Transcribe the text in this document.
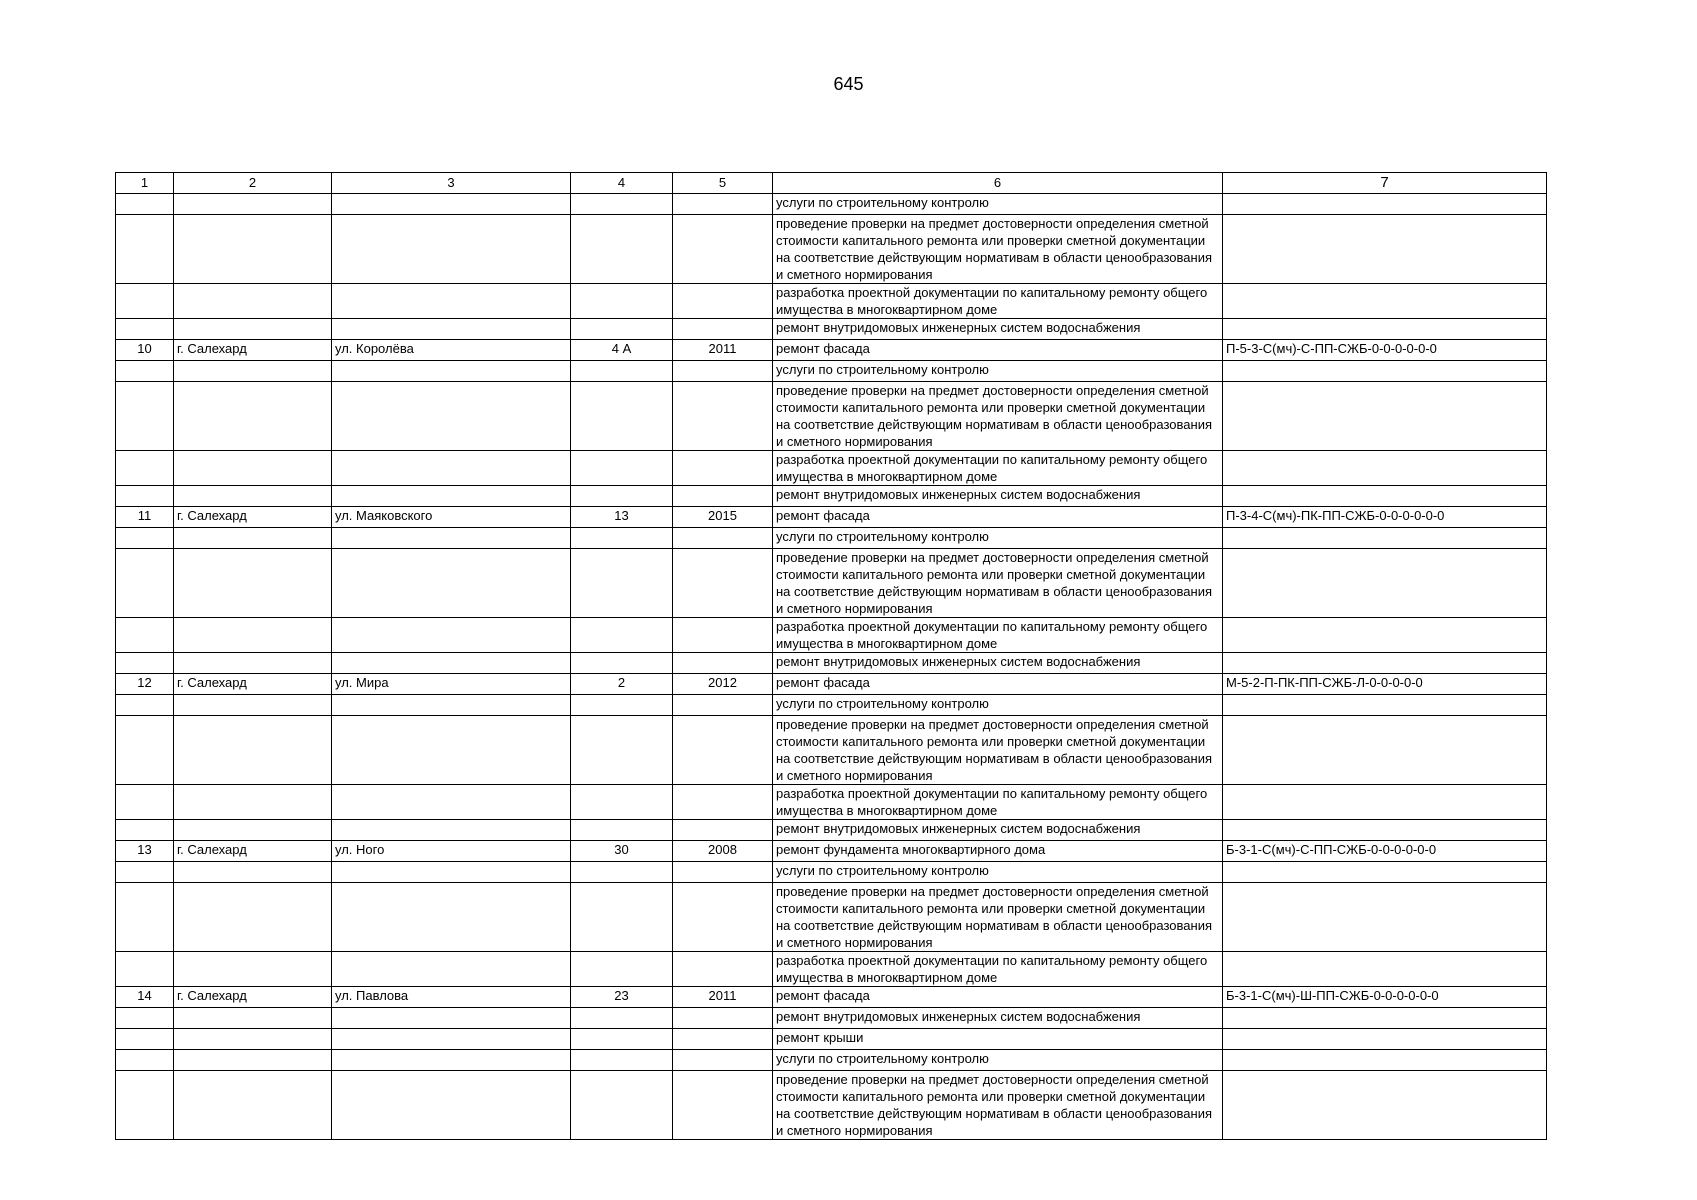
645
1	2	3	4	5	6	7
					услуги по строительному контролю	
					проведение проверки на предмет достоверности определения сметной стоимости капитального ремонта или проверки сметной документации на соответствие действующим нормативам в области ценообразования и сметного нормирования	
					разработка проектной документации по капитальному ремонту общего имущества в многоквартирном доме	
					ремонт внутридомовых инженерных систем водоснабжения	
10	г. Салехард	ул. Королёва	4 А	2011	ремонт фасада	П-5-3-С(мч)-С-ПП-СЖБ-0-0-0-0-0-0
					услуги по строительному контролю	
					проведение проверки на предмет достоверности определения сметной стоимости капитального ремонта или проверки сметной документации на соответствие действующим нормативам в области ценообразования и сметного нормирования	
					разработка проектной документации по капитальному ремонту общего имущества в многоквартирном доме	
					ремонт внутридомовых инженерных систем водоснабжения	
11	г. Салехард	ул. Маяковского	13	2015	ремонт фасада	П-3-4-С(мч)-ПК-ПП-СЖБ-0-0-0-0-0-0
					услуги по строительному контролю	
					проведение проверки на предмет достоверности определения сметной стоимости капитального ремонта или проверки сметной документации на соответствие действующим нормативам в области ценообразования и сметного нормирования	
					разработка проектной документации по капитальному ремонту общего имущества в многоквартирном доме	
					ремонт внутридомовых инженерных систем водоснабжения	
12	г. Салехард	ул. Мира	2	2012	ремонт фасада	М-5-2-П-ПК-ПП-СЖБ-Л-0-0-0-0-0
					услуги по строительному контролю	
					проведение проверки на предмет достоверности определения сметной стоимости капитального ремонта или проверки сметной документации на соответствие действующим нормативам в области ценообразования и сметного нормирования	
					разработка проектной документации по капитальному ремонту общего имущества в многоквартирном доме	
					ремонт внутридомовых инженерных систем водоснабжения	
13	г. Салехард	ул. Ного	30	2008	ремонт фундамента многоквартирного дома	Б-3-1-С(мч)-С-ПП-СЖБ-0-0-0-0-0-0
					услуги по строительному контролю	
					проведение проверки на предмет достоверности определения сметной стоимости капитального ремонта или проверки сметной документации на соответствие действующим нормативам в области ценообразования и сметного нормирования	
					разработка проектной документации по капитальному ремонту общего имущества в многоквартирном доме	
14	г. Салехард	ул. Павлова	23	2011	ремонт фасада	Б-3-1-С(мч)-Ш-ПП-СЖБ-0-0-0-0-0-0
					ремонт внутридомовых инженерных систем водоснабжения	
					ремонт крыши	
					услуги по строительному контролю	
					проведение проверки на предмет достоверности определения сметной стоимости капитального ремонта или проверки сметной документации на соответствие действующим нормативам в области ценообразования и сметного нормирования	
